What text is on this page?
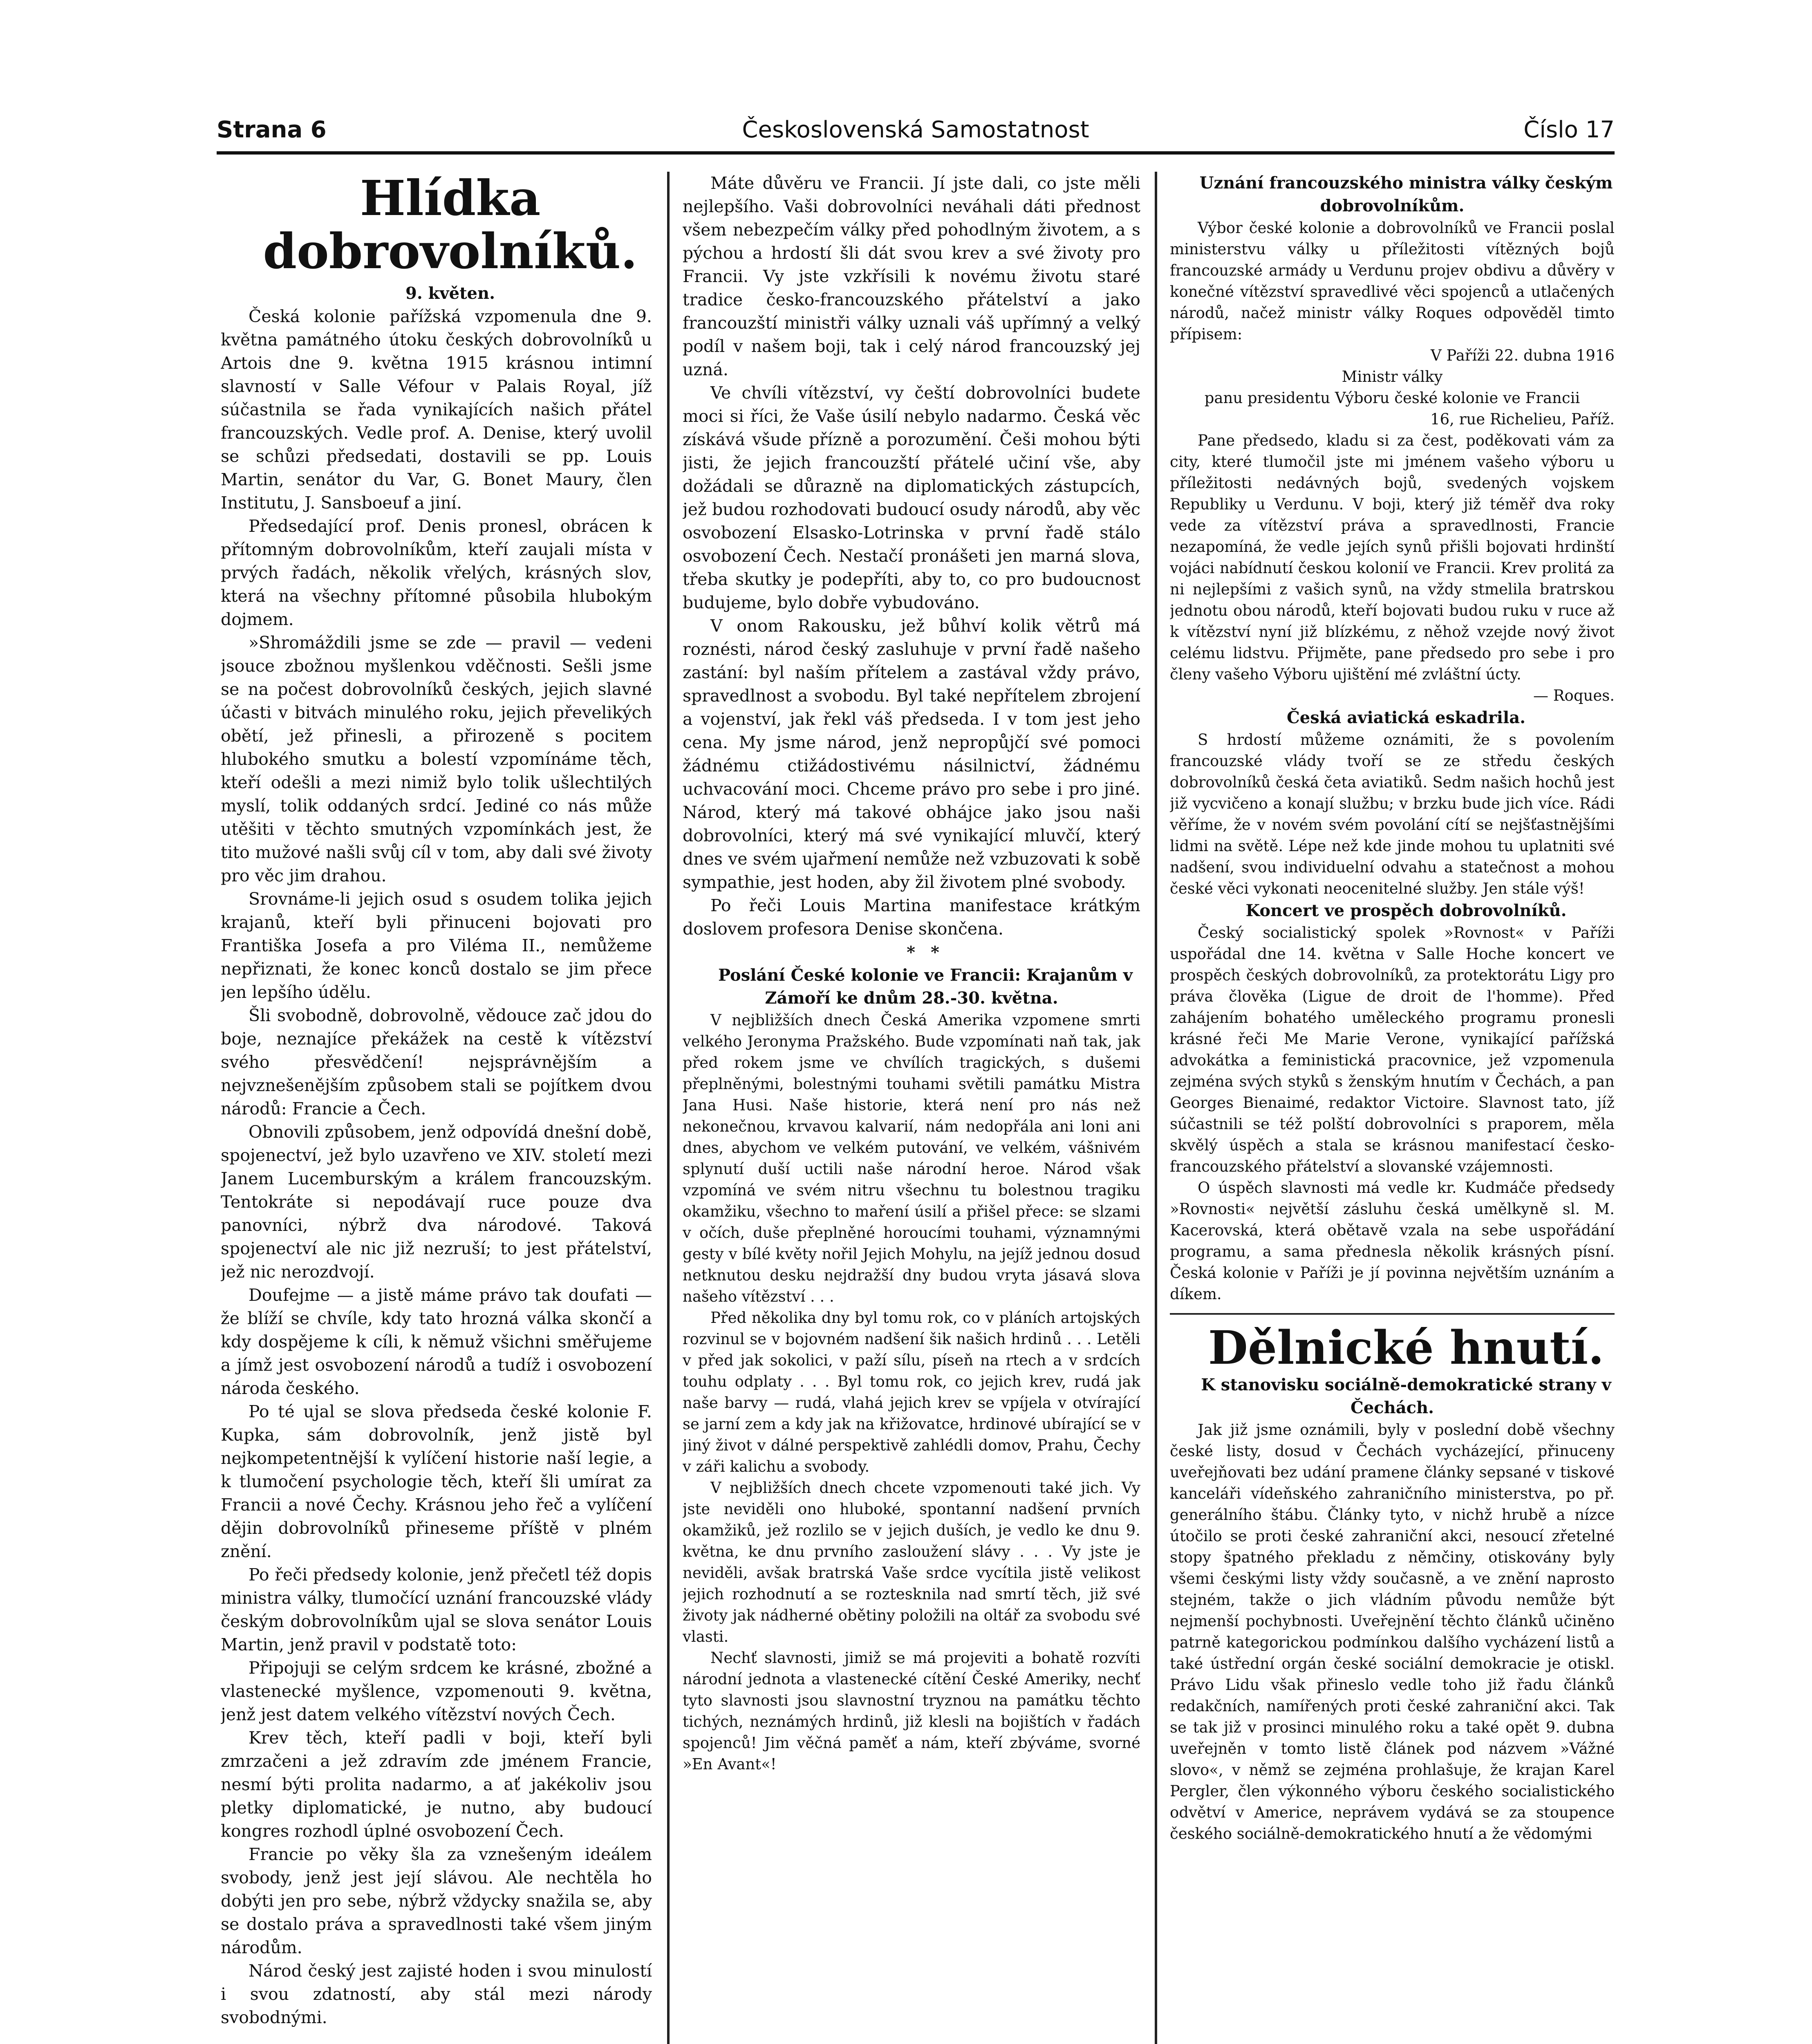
Československá Samostatnost
Strana 6	Číslo 17

Hlídka

dobrovolníků.

9. květen.

Česká kolonie pařížská vzpomenula dne 9. května památného útoku českých dobrovolníků u Artois dne 9. května 1915 krásnou intimní slavností v Salle Véfour v Palais Royal, jíž súčastnila se řada vynikajících našich přátel francouzských. Vedle prof. A. Denise, který uvolil se schůzi předsedati, dostavili se pp. Louis Martin, senátor du Var, G. Bonet Maury, člen Institutu, J. Sansboeuf a jiní.

Předsedající prof. Denis pronesl, obrácen k přítomným dobrovolníkům, kteří zaujali místa v prvých řadách, několik vřelých, krásných slov, která na všechny přítomné působila hlubokým dojmem.

»Shromáždili jsme se zde — pravil — vedeni jsouce zbožnou myšlenkou vděčnosti. Sešli jsme se na počest dobrovolníků českých, jejich slavné účasti v bitvách minulého roku, jejich převelikých obětí, jež přinesli, a přirozeně s pocitem hlubokého smutku a bolestí vzpomínáme těch, kteří odešli a mezi nimiž bylo tolik ušlechtilých myslí, tolik oddaných srdcí. Jediné co nás může utěšiti v těchto smutných vzpomínkách jest, že tito mužové našli svůj cíl v tom, aby dali své životy pro věc jim drahou.

Srovnáme-li jejich osud s osudem tolika jejich krajanů, kteří byli přinuceni bojovati pro Františka Josefa a pro Viléma II., nemůžeme nepřiznati, že konec konců dostalo se jim přece jen lepšího údělu.

Šli svobodně, dobrovolně, vědouce zač jdou do boje, neznajíce překážek na cestě k vítězství svého přesvědčení! nejsprávnějším a nejvznešenějším způsobem stali se pojítkem dvou národů: Francie a Čech.

Obnovili způsobem, jenž odpovídá dnešní době, spojenectví, jež bylo uzavřeno ve XIV. století mezi Janem Lucemburským a králem francouzským. Tentokráte si nepodávají ruce pouze dva panovníci, nýbrž dva národové. Taková spojenectví ale nic již nezruší; to jest přátelství, jež nic nerozdvojí.

Doufejme — a jistě máme právo tak doufati — že blíží se chvíle, kdy tato hrozná válka skončí a kdy dospějeme k cíli, k němuž všichni směřujeme a jímž jest osvobození národů a tudíž i osvobození národa českého.

Po té ujal se slova předseda české kolonie F. Kupka, sám dobrovolník, jenž jistě byl nejkompetentnější k vylíčení historie naší legie, a k tlumočení psychologie těch, kteří šli umírat za Francii a nové Čechy. Krásnou jeho řeč a vylíčení dějin dobrovolníků přineseme příště v plném znění.

Po řeči předsedy kolonie, jenž přečetl též dopis ministra války, tlumočící uznání francouzské vlády českým dobrovolníkům ujal se slova senátor Louis Martin, jenž pravil v podstatě toto:

Připojuji se celým srdcem ke krásné, zbožné a vlastenecké myšlence, vzpomenouti 9. května, jenž jest datem velkého vítězství nových Čech.

Krev těch, kteří padli v boji, kteří byli zmrzačeni a jež zdravím zde jménem Francie, nesmí býti prolita nadarmo, a ať jakékoliv jsou pletky diplomatické, je nutno, aby budoucí kongres rozhodl úplné osvobození Čech.

Francie po věky šla za vznešeným ideálem svobody, jenž jest její slávou. Ale nechtěla ho dobýti jen pro sebe, nýbrž vždycky snažila se, aby se dostalo práva a spravedlnosti také všem jiným národům.

Národ český jest zajisté hoden i svou minulostí i svou zdatností, aby stál mezi národy svobodnými.

Máte důvěru ve Francii. Jí jste dali, co jste měli nejlepšího. Vaši dobrovolníci neváhali dáti přednost všem nebezpečím války před pohodlným životem, a s pýchou a hrdostí šli dát svou krev a své životy pro Francii. Vy jste vzkřísili k novému životu staré tradice česko-francouzského přátelství a jako francouzští ministři války uznali váš upřímný a velký podíl v našem boji, tak i celý národ francouzský jej uzná.

Ve chvíli vítězství, vy čeští dobrovolníci budete moci si říci, že Vaše úsilí nebylo nadarmo. Česká věc získává všude přízně a porozumění. Češi mohou býti jisti, že jejich francouzští přátelé učiní vše, aby dožádali se důrazně na diplomatických zástupcích, jež budou rozhodovati budoucí osudy národů, aby věc osvobození Elsasko-Lotrinska v první řadě stálo osvobození Čech. Nestačí pronášeti jen marná slova, třeba skutky je podepříti, aby to, co pro budoucnost budujeme, bylo dobře vybudováno.

V onom Rakousku, jež bůhví kolik větrů má roznésti, národ český zasluhuje v první řadě našeho zastání: byl naším přítelem a zastával vždy právo, spravedlnost a svobodu. Byl také nepřítelem zbrojení a vojenství, jak řekl váš předseda. I v tom jest jeho cena. My jsme národ, jenž nepropůjčí své pomoci žádnému ctižádostivému násilnictví, žádnému uchvacování moci. Chceme právo pro sebe i pro jiné. Národ, který má takové obhájce jako jsou naši dobrovolníci, který má své vynikající mluvčí, který dnes ve svém ujařmení nemůže než vzbuzovati k sobě sympathie, jest hoden, aby žil životem plné svobody.

Po řeči Louis Martina manifestace krátkým doslovem profesora Denise skončena.

* *

Poslání České kolonie ve Francii: Krajanům v Zámoří ke dnům 28.-30. května.

V nejbližších dnech Česká Amerika vzpomene smrti velkého Jeronyma Pražského. Bude vzpomínati naň tak, jak před rokem jsme ve chvílích tragických, s dušemi přeplněnými, bolestnými touhami světili památku Mistra Jana Husi. Naše historie, která není pro nás než nekonečnou, krvavou kalvarií, nám nedopřála ani loni ani dnes, abychom ve velkém putování, ve velkém, vášnivém splynutí duší uctili naše národní heroe. Národ však vzpomíná ve svém nitru všechnu tu bolestnou tragiku okamžiku, všechno to maření úsilí a přišel přece: se slzami v očích, duše přeplněné horoucími touhami, významnými gesty v bílé květy nořil Jejich Mohylu, na jejíž jednou dosud netknutou desku nejdražší dny budou vryta jásavá slova našeho vítězství . . .

Před několika dny byl tomu rok, co v pláních artojských rozvinul se v bojovném nadšení šik našich hrdinů . . . Letěli v před jak sokolici, v paží sílu, píseň na rtech a v srdcích touhu odplaty . . . Byl tomu rok, co jejich krev, rudá jak naše barvy — rudá, vlahá jejich krev se vpíjela v otvírající se jarní zem a kdy jak na křižovatce, hrdinové ubírající se v jiný život v dálné perspektivě zahlédli domov, Prahu, Čechy v záři kalichu a svobody.

V nejbližších dnech chcete vzpomenouti také jich. Vy jste neviděli ono hluboké, spontanní nadšení prvních okamžiků, jež rozlilo se v jejich duších, je vedlo ke dnu 9. května, ke dnu prvního zasloužení slávy . . . Vy jste je neviděli, avšak bratrská Vaše srdce vycítila jistě velikost jejich rozhodnutí a se roztesknila nad smrtí těch, již své životy jak nádherné obětiny položili na oltář za svobodu své vlasti.

Nechť slavnosti, jimiž se má projeviti a bohatě rozvíti národní jednota a vlastenecké cítění České Ameriky, nechť tyto slavnosti jsou slavnostní tryznou na památku těchto tichých, neznámých hrdinů, již klesli na bojištích v řadách spojenců! Jim věčná paměť a nám, kteří zbýváme, svorné »En Avant«!

Uznání francouzského ministra války českým dobrovolníkům.

Výbor české kolonie a dobrovolníků ve Francii poslal ministerstvu války u příležitosti vítězných bojů francouzské armády u Verdunu projev obdivu a důvěry v konečné vítězství spravedlivé věci spojenců a utlačených národů, načež ministr války Roques odpověděl timto přípisem:

V Paříži 22. dubna 1916

Ministr války

panu presidentu Výboru české kolonie ve Francii

16, rue Richelieu, Paříž.

Pane předsedo, kladu si za čest, poděkovati vám za city, které tlumočil jste mi jménem vašeho výboru u příležitosti nedávných bojů, svedených vojskem Republiky u Verdunu. V boji, který již téměř dva roky vede za vítězství práva a spravedlnosti, Francie nezapomíná, že vedle jejích synů přišli bojovati hrdinští vojáci nabídnutí českou kolonií ve Francii. Krev prolitá za ni nejlepšími z vašich synů, na vždy stmelila bratrskou jednotu obou národů, kteří bojovati budou ruku v ruce až k vítězství nyní již blízkému, z něhož vzejde nový život celému lidstvu. Přijměte, pane předsedo pro sebe i pro členy vašeho Výboru ujištění mé zvláštní úcty.

— Roques.

Česká aviatická eskadrila.

S hrdostí můžeme oznámiti, že s povolením francouzské vlády tvoří se ze středu českých dobrovolníků česká četa aviatiků. Sedm našich hochů jest již vycvičeno a konají službu; v brzku bude jich více. Rádi věříme, že v novém svém povolání cítí se nejšťastnějšími lidmi na světě. Lépe než kde jinde mohou tu uplatniti své nadšení, svou individuelní odvahu a statečnost a mohou české věci vykonati neocenitelné služby. Jen stále výš!

Koncert ve prospěch dobrovolníků.

Český socialistický spolek »Rovnost« v Paříži uspořádal dne 14. května v Salle Hoche koncert ve prospěch českých dobrovolníků, za protektorátu Ligy pro práva člověka (Ligue de droit de l'homme). Před zahájením bohatého uměleckého programu pronesli krásné řeči Me Marie Verone, vynikající pařížská advokátka a feministická pracovnice, jež vzpomenula zejména svých styků s ženským hnutím v Čechách, a pan Georges Bienaimé, redaktor Victoire. Slavnost tato, jíž súčastnili se též polští dobrovolníci s praporem, měla skvělý úspěch a stala se krásnou manifestací česko-francouzského přátelství a slovanské vzájemnosti.

O úspěch slavnosti má vedle kr. Kudmáče předsedy »Rovnosti« největší zásluhu česká umělkyně sl. M. Kacerovská, která obětavě vzala na sebe uspořádání programu, a sama přednesla několik krásných písní. Česká kolonie v Paříži je jí povinna největším uznáním a díkem.

Dělnické hnutí.

K stanovisku sociálně-demokratické strany v Čechách.

Jak již jsme oznámili, byly v poslední době všechny české listy, dosud v Čechách vycházející, přinuceny uveřejňovati bez udání pramene články sepsané v tiskové kanceláři vídeňského zahraničního ministerstva, po př. generálního štábu. Články tyto, v nichž hrubě a nízce útočilo se proti české zahraniční akci, nesoucí zřetelné stopy špatného překladu z němčiny, otiskovány byly všemi českými listy vždy současně, a ve znění naprosto stejném, takže o jich vládním původu nemůže být nejmenší pochybnosti. Uveřejnění těchto článků učiněno patrně kategorickou podmínkou dalšího vycházení listů a také ústřední orgán české sociální demokracie je otiskl. Právo Lidu však přineslo vedle toho již řadu článků redakčních, namířených proti české zahraniční akci. Tak se tak již v prosinci minulého roku a také opět 9. dubna uveřejněn v tomto listě článek pod názvem »Vážné slovo«, v němž se zejména prohlašuje, že krajan Karel Pergler, člen výkonného výboru českého socialistického odvětví v Americe, neprávem vydává se za stoupence českého sociálně-demokratického hnutí a že vědomými
